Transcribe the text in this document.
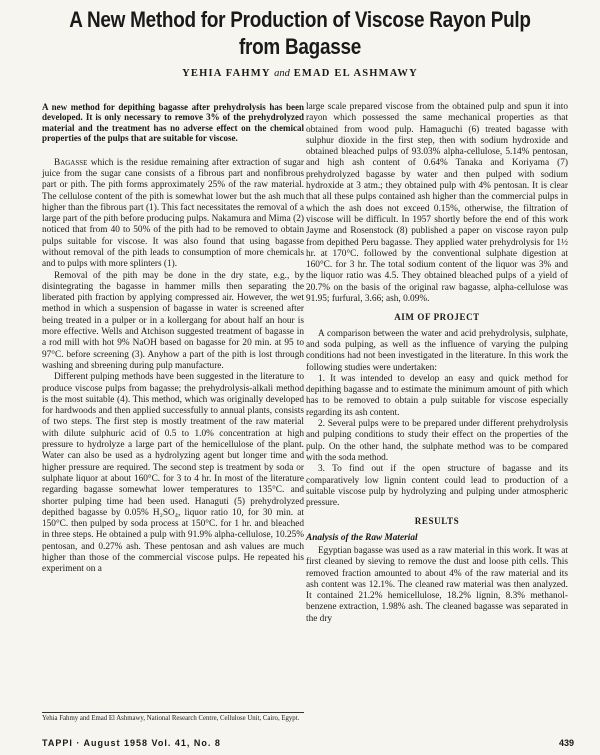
A New Method for Production of Viscose Rayon Pulp from Bagasse
YEHIA FAHMY and EMAD EL ASHMAWY
A new method for depithing bagasse after prehydrolysis has been developed. It is only necessary to remove 3% of the prehydrolyzed material and the treatment has no adverse effect on the chemical properties of the pulps that are suitable for viscose.

Bagasse which is the residue remaining after extraction of sugar juice from the sugar cane consists of a fibrous part and nonfibrous part or pith. The pith forms approximately 25% of the raw material. The cellulose content of the pith is somewhat lower but the ash much higher than the fibrous part (1). This fact necessitates the removal of a large part of the pith before producing pulps. Nakamura and Mima (2) noticed that from 40 to 50% of the pith had to be removed to obtain pulps suitable for viscose. It was also found that using bagasse without removal of the pith leads to consumption of more chemicals and to pulps with more splinters (1).

Removal of the pith may be done in the dry state, e.g., by disintegrating the bagasse in hammer mills then separating the liberated pith fraction by applying compressed air. However, the wet method in which a suspension of bagasse in water is screened after being treated in a pulper or in a kollergang for about half an hour is more effective. Wells and Atchison suggested treatment of bagasse in a rod mill with hot 9% NaOH based on bagasse for 20 min. at 95 to 97°C. before screening (3). Anyhow a part of the pith is lost through washing and sbreening during pulp manufacture.

Different pulping methods have been suggested in the literature to produce viscose pulps from bagasse; the prehydrolysis-alkali method is the most suitable (4). This method, which was originally developed for hardwoods and then applied successfully to annual plants, consists of two steps. The first step is mostly treatment of the raw material with dilute sulphuric acid of 0.5 to 1.0% concentration at high pressure to hydrolyze a large part of the hemicellulose of the plant. Water can also be used as a hydrolyzing agent but longer time and higher pressure are required. The second step is treatment by soda or sulphate liquor at about 160°C. for 3 to 4 hr. In most of the literature regarding bagasse somewhat lower temperatures to 135°C. and shorter pulping time had been used. Hanaguti (5) prehydrolyzed depithed bagasse by 0.05% H₂SO₄, liquor ratio 10, for 30 min. at 150°C. then pulped by soda process at 150°C. for 1 hr. and bleached in three steps. He obtained a pulp with 91.9% alpha-cellulose, 10.25% pentosan, and 0.27% ash. These pentosan and ash values are much higher than those of the commercial viscose pulps. He repeated his experiment on a

large scale prepared viscose from the obtained pulp and spun it into rayon which possessed the same mechanical properties as that obtained from wood pulp. Hamaguchi (6) treated bagasse with sulphur dioxide in the first step, then with sodium hydroxide and obtained bleached pulps of 93.03% alpha-cellulose, 5.14% pentosan, and high ash content of 0.64% Tanaka and Koriyama (7) prehydrolyzed bagasse by water and then pulped with sodium hydroxide at 3 atm.; they obtained pulp with 4% pentosan. It is clear that all these pulps contained ash higher than the commercial pulps in which the ash does not exceed 0.15%, otherwise, the filtration of viscose will be difficult. In 1957 shortly before the end of this work Jayme and Rosenstock (8) published a paper on viscose rayon pulp from depithed Peru bagasse. They applied water prehydrolysis for 1½ hr. at 170°C. followed by the conventional sulphate digestion at 160°C. for 3 hr. The total sodium content of the liquor was 3% and the liquor ratio was 4.5. They obtained bleached pulps of a yield of 20.7% on the basis of the original raw bagasse, alpha-cellulose was 91.95; furfural, 3.66; ash, 0.09%.

AIM OF PROJECT

A comparison between the water and acid prehydrolysis, sulphate, and soda pulping, as well as the influence of varying the pulping conditions had not been investigated in the literature. In this work the following studies were undertaken:

1. It was intended to develop an easy and quick method for depithing bagasse and to estimate the minimum amount of pith which has to be removed to obtain a pulp suitable for viscose especially regarding its ash content.

2. Several pulps were to be prepared under different prehydrolysis and pulping conditions to study their effect on the properties of the pulp. On the other hand, the sulphate method was to be compared with the soda method.

3. To find out if the open structure of bagasse and its comparatively low lignin content could lead to production of a suitable viscose pulp by hydrolyzing and pulping under atmospheric pressure.

RESULTS
Analysis of the Raw Material

Egyptian bagasse was used as a raw material in this work. It was at first cleaned by sieving to remove the dust and loose pith cells. This removed fraction amounted to about 4% of the raw material and its ash content was 12.1%. The cleaned raw material was then analyzed. It contained 21.2% hemicellulose, 18.2% lignin, 8.3% methanol-benzene extraction, 1.98% ash. The cleaned bagasse was separated in the dry

Yehia Fahmy and Emad El Ashmawy, National Research Centre, Cellulose Unit, Cairo, Egypt.
TAPPI · August 1958 Vol. 41, No. 8	439
